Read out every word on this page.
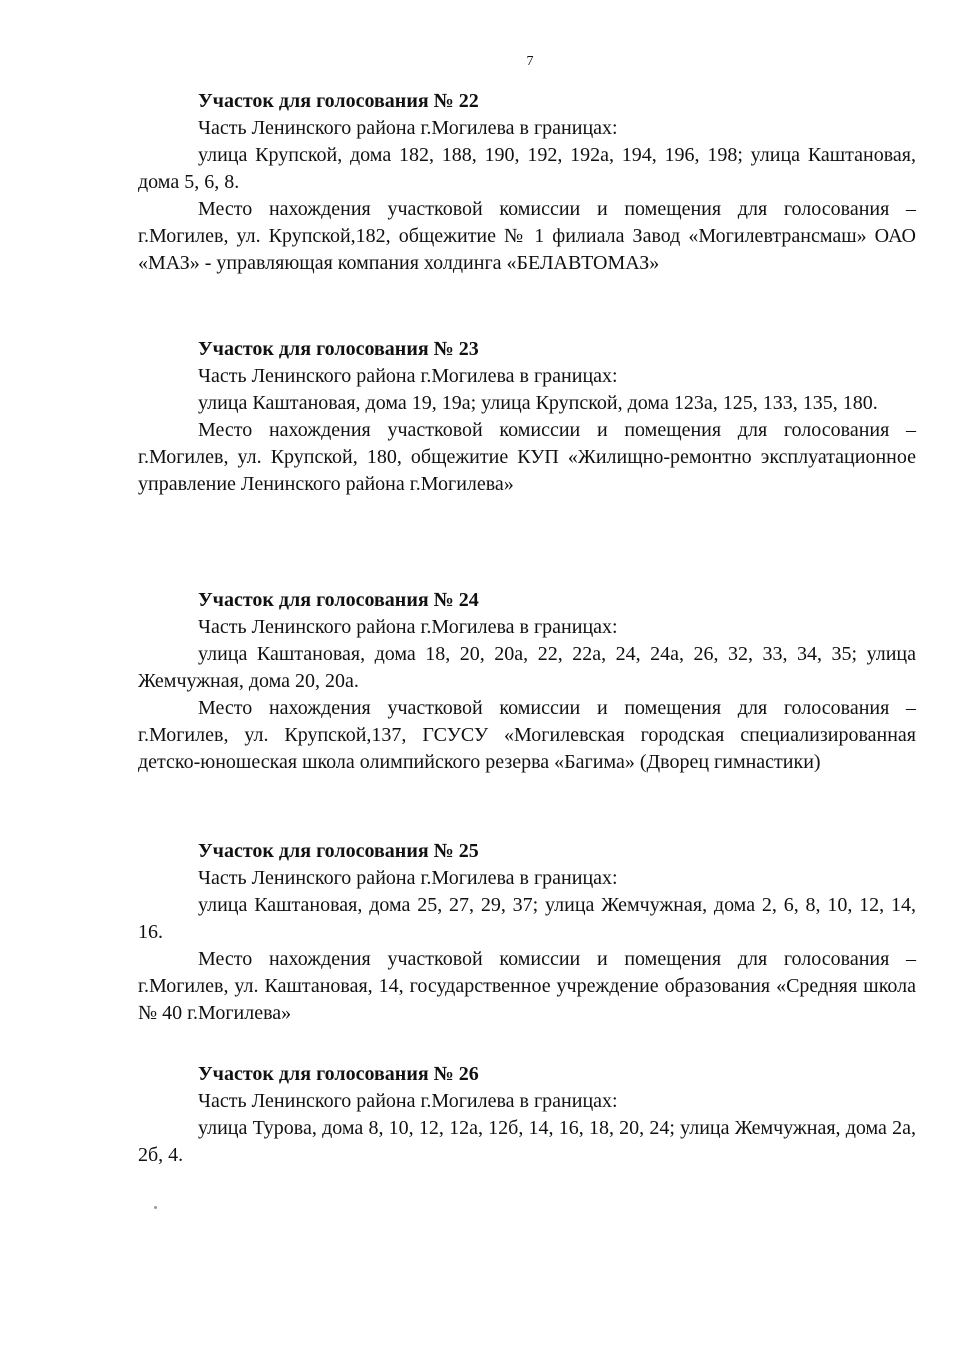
7

Участок для голосования № 22

Часть Ленинского района г.Могилева в границах:

улица Крупской, дома 182, 188, 190, 192, 192а, 194, 196, 198; улица Каштановая, дома 5, 6, 8.

Место нахождения участковой комиссии и помещения для голосования – г.Могилев, ул. Крупской,182, общежитие № 1 филиала Завод «Могилевтрансмаш» ОАО «МАЗ» - управляющая компания холдинга «БЕЛАВТОМАЗ»

Участок для голосования № 23

Часть Ленинского района г.Могилева в границах:

улица Каштановая, дома 19, 19а; улица Крупской, дома 123а, 125, 133, 135, 180.

Место нахождения участковой комиссии и помещения для голосования – г.Могилев, ул. Крупской, 180, общежитие КУП «Жилищно-ремонтно эксплуатационное управление Ленинского района г.Могилева»

Участок для голосования № 24

Часть Ленинского района г.Могилева в границах:

улица Каштановая, дома 18, 20, 20а, 22, 22а, 24, 24а, 26, 32, 33, 34, 35; улица Жемчужная, дома 20, 20а.

Место нахождения участковой комиссии и помещения для голосования – г.Могилев, ул. Крупской,137, ГСУСУ «Могилевская городская специализированная детско-юношеская школа олимпийского резерва «Багима» (Дворец гимнастики)

Участок для голосования № 25

Часть Ленинского района г.Могилева в границах:

улица Каштановая, дома 25, 27, 29, 37; улица Жемчужная, дома 2, 6, 8, 10, 12, 14, 16.

Место нахождения участковой комиссии и помещения для голосования – г.Могилев, ул. Каштановая, 14, государственное учреждение образования «Средняя школа № 40 г.Могилева»

Участок для голосования № 26

Часть Ленинского района г.Могилева в границах:

улица Турова, дома 8, 10, 12, 12а, 12б, 14, 16, 18, 20, 24; улица Жемчужная, дома 2а, 2б, 4.
